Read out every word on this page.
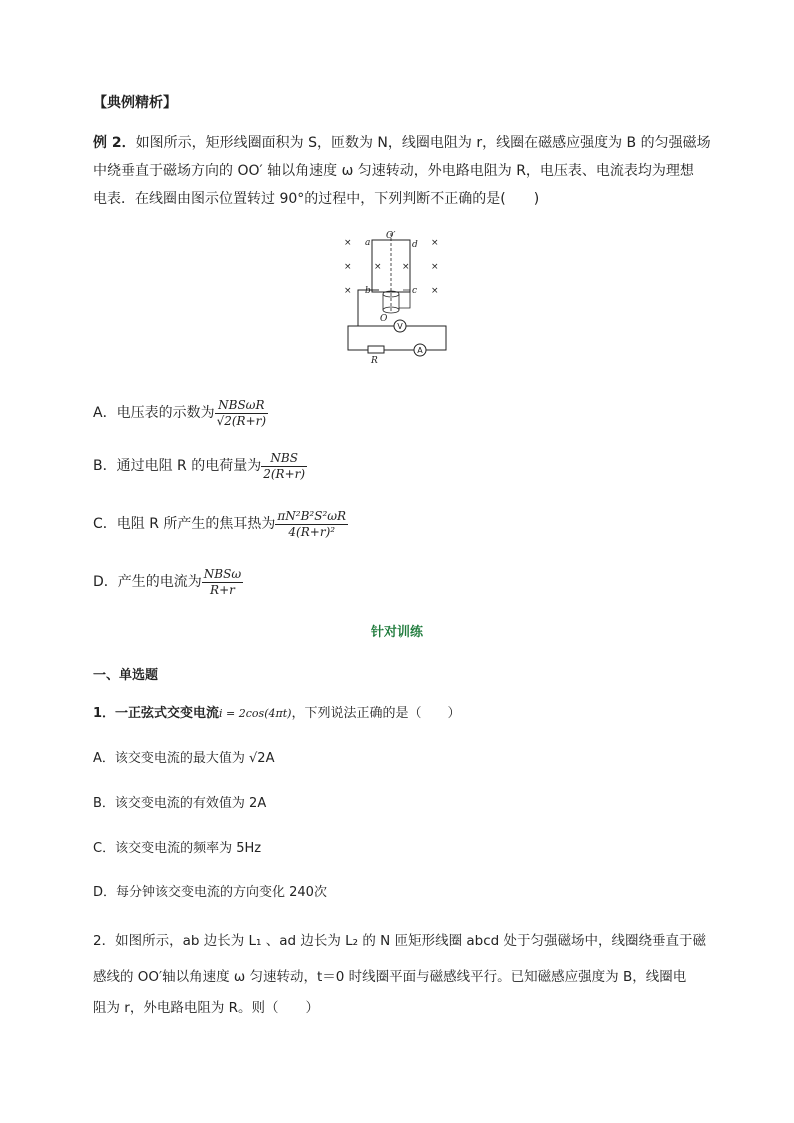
【典例精析】
例 2．如图所示，矩形线圈面积为 S，匝数为 N，线圈电阻为 r，线圈在磁感应强度为 B 的匀强磁场
中绕垂直于磁场方向的 OO′ 轴以角速度 ω 匀速转动，外电路电阻为 R，电压表、电流表均为理想
电表．在线圈由图示位置转过 90°的过程中，下列判断不正确的是(　　)
×
×
×
× ×
×
×
×
O′
a	d
b	c
O
R
V
A
A．电压表的示数为 $\frac{\text{NBSωR}}{√2(R+r)}$
B．通过电阻 R 的电荷量为 $\frac{\text{NBS}}{2(R+r)}$
C．电阻 R 所产生的焦耳热为 $\frac{\text{πN²B²S²ωR}}{\text{4(R+r)²}}$
D．产生的电流为 $\frac{\text{NBSω}}{R+r}$
针对训练
一、单选题
1．一正弦式交变电流i = 2cos(4πt)，下列说法正确的是（　　）
A．该交变电流的最大值为 √2A
B．该交变电流的有效值为 2A
C．该交变电流的频率为 5Hz
D．每分钟该交变电流的方向变化 240次
2．如图所示，ab 边长为 L₁ 、ad 边长为 L₂ 的 N 匝矩形线圈 abcd 处于匀强磁场中，线圈绕垂直于磁
感线的 OO′轴以角速度 ω 匀速转动，t＝0 时线圈平面与磁感线平行。已知磁感应强度为 B，线圈电
阻为 r，外电路电阻为 R。则（　　）
